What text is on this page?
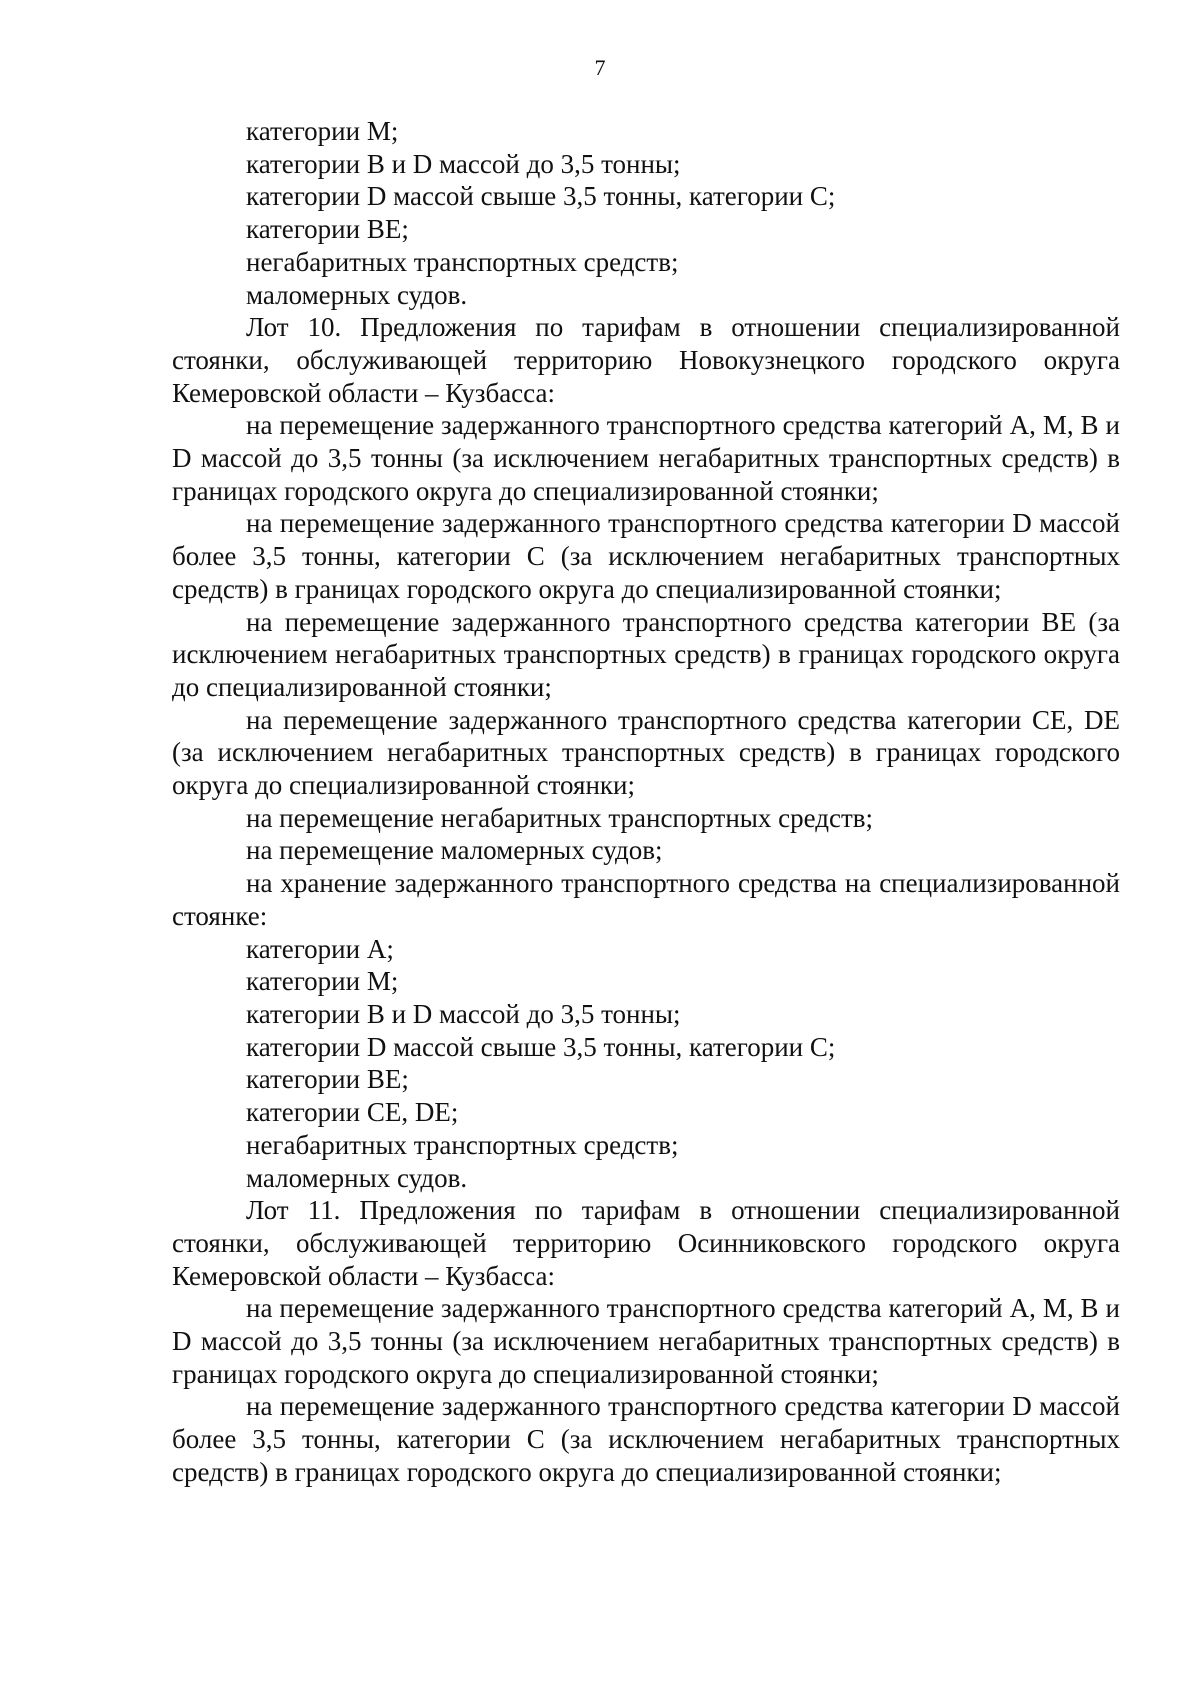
7

категории М;

категории В и D массой до 3,5 тонны;

категории D массой свыше 3,5 тонны, категории С;

категории ВЕ;

негабаритных транспортных средств;

маломерных судов.

Лот 10. Предложения по тарифам в отношении специализированной стоянки, обслуживающей территорию Новокузнецкого городского округа Кемеровской области – Кузбасса:

на перемещение задержанного транспортного средства категорий А, М, В и D массой до 3,5 тонны (за исключением негабаритных транспортных средств) в границах городского округа до специализированной стоянки;

на перемещение задержанного транспортного средства категории D массой более 3,5 тонны, категории С (за исключением негабаритных транспортных средств) в границах городского округа до специализированной стоянки;

на перемещение задержанного транспортного средства категории ВЕ (за исключением негабаритных транспортных средств) в границах городского округа до специализированной стоянки;

на перемещение задержанного транспортного средства категории СЕ, DE (за исключением негабаритных транспортных средств) в границах городского округа до специализированной стоянки;

на перемещение негабаритных транспортных средств;

на перемещение маломерных судов;

на хранение задержанного транспортного средства на специализированной стоянке:

категории А;

категории М;

категории В и D массой до 3,5 тонны;

категории D массой свыше 3,5 тонны, категории С;

категории ВЕ;

категории СЕ, DE;

негабаритных транспортных средств;

маломерных судов.

Лот 11. Предложения по тарифам в отношении специализированной стоянки, обслуживающей территорию Осинниковского городского округа Кемеровской области – Кузбасса:

на перемещение задержанного транспортного средства категорий А, М, В и D массой до 3,5 тонны (за исключением негабаритных транспортных средств) в границах городского округа до специализированной стоянки;

на перемещение задержанного транспортного средства категории D массой более 3,5 тонны, категории С (за исключением негабаритных транспортных средств) в границах городского округа до специализированной стоянки;
